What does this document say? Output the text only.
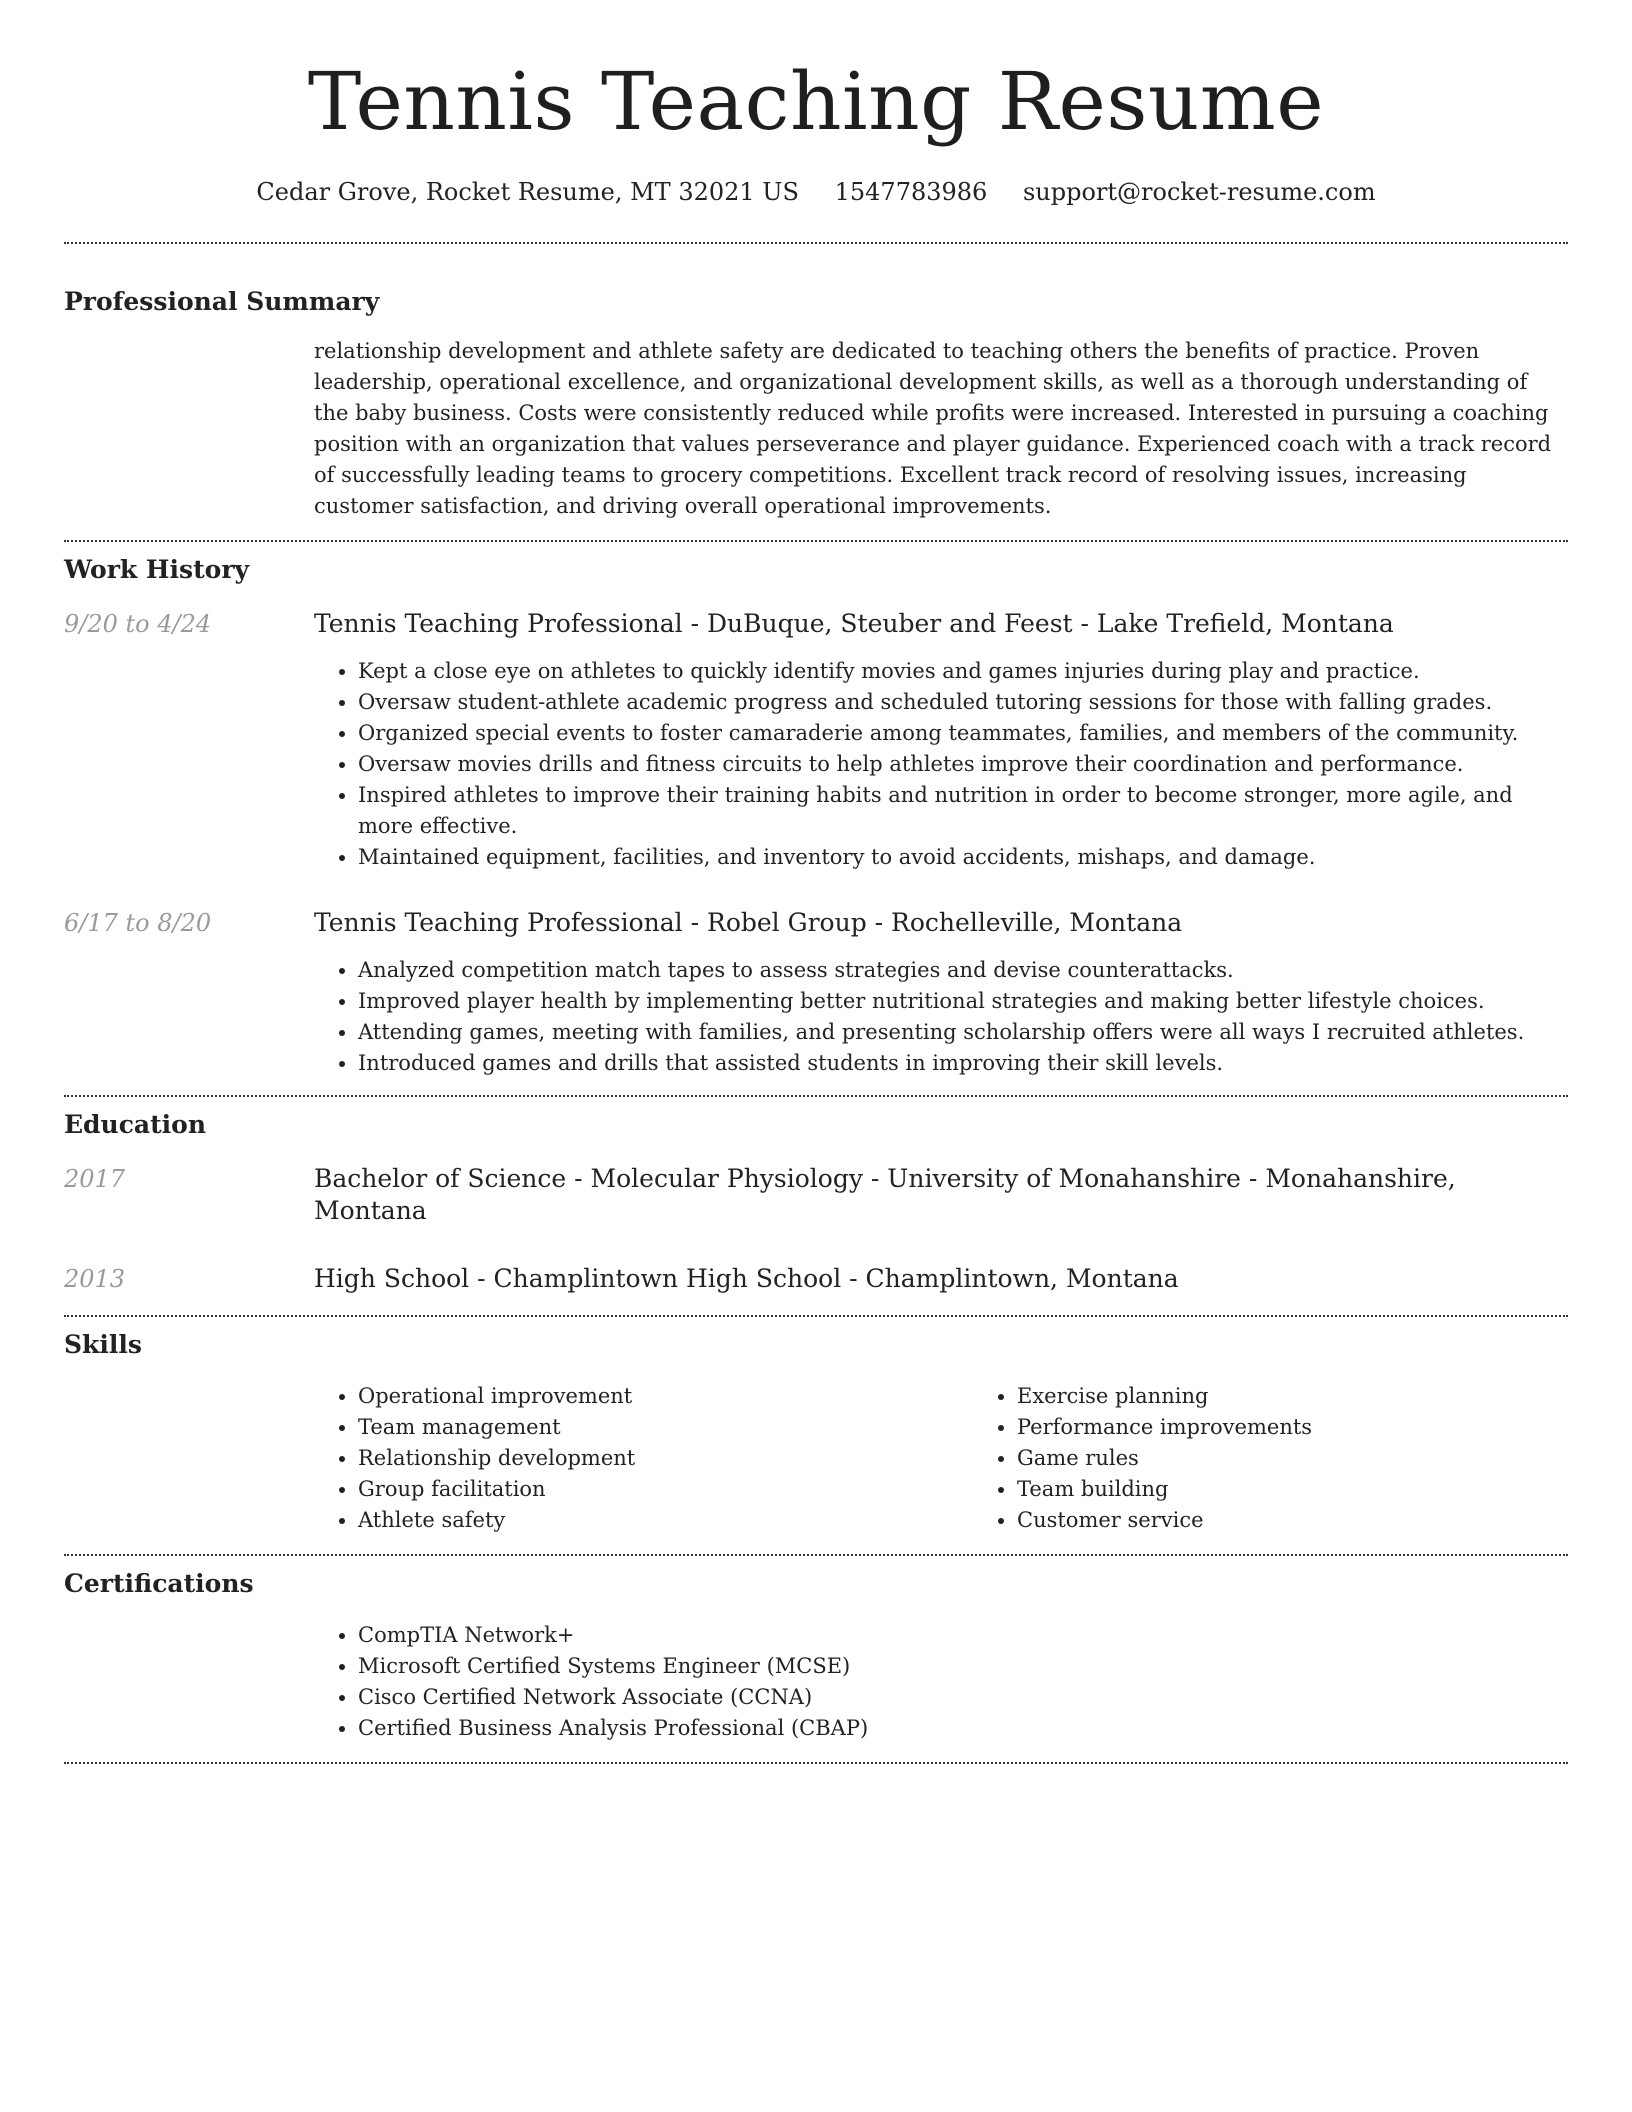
Tennis Teaching Resume
Cedar Grove, Rocket Resume, MT 32021 US 1547783986 support@rocket-resume.com
Professional Summary

relationship development and athlete safety are dedicated to teaching others the benefits of practice. Proven leadership, operational excellence, and organizational development skills, as well as a thorough understanding of the baby business. Costs were consistently reduced while profits were increased. Interested in pursuing a coaching position with an organization that values perseverance and player guidance. Experienced coach with a track record of successfully leading teams to grocery competitions. Excellent track record of resolving issues, increasing customer satisfaction, and driving overall operational improvements.

Work History
9/20 to 4/24	Tennis Teaching Professional - DuBuque, Steuber and Feest - Lake Trefield, Montana

• Kept a close eye on athletes to quickly identify movies and games injuries during play and practice.
• Oversaw student-athlete academic progress and scheduled tutoring sessions for those with falling grades.
• Organized special events to foster camaraderie among teammates, families, and members of the community.
• Oversaw movies drills and fitness circuits to help athletes improve their coordination and performance.
• Inspired athletes to improve their training habits and nutrition in order to become stronger, more agile, and more effective.
• Maintained equipment, facilities, and inventory to avoid accidents, mishaps, and damage.
6/17 to 8/20	Tennis Teaching Professional - Robel Group - Rochelleville, Montana

• Analyzed competition match tapes to assess strategies and devise counterattacks.
• Improved player health by implementing better nutritional strategies and making better lifestyle choices.
• Attending games, meeting with families, and presenting scholarship offers were all ways I recruited athletes.
• Introduced games and drills that assisted students in improving their skill levels.
Education
2017	Bachelor of Science - Molecular Physiology - University of Monahanshire - Monahanshire, Montana
2013	High School - Champlintown High School - Champlintown, Montana
Skills
• Operational improvement
• Team management
• Relationship development
• Group facilitation
• Athlete safety
• Exercise planning
• Performance improvements
• Game rules
• Team building
• Customer service
Certifications
• CompTIA Network+
• Microsoft Certified Systems Engineer (MCSE)
• Cisco Certified Network Associate (CCNA)
• Certified Business Analysis Professional (CBAP)
